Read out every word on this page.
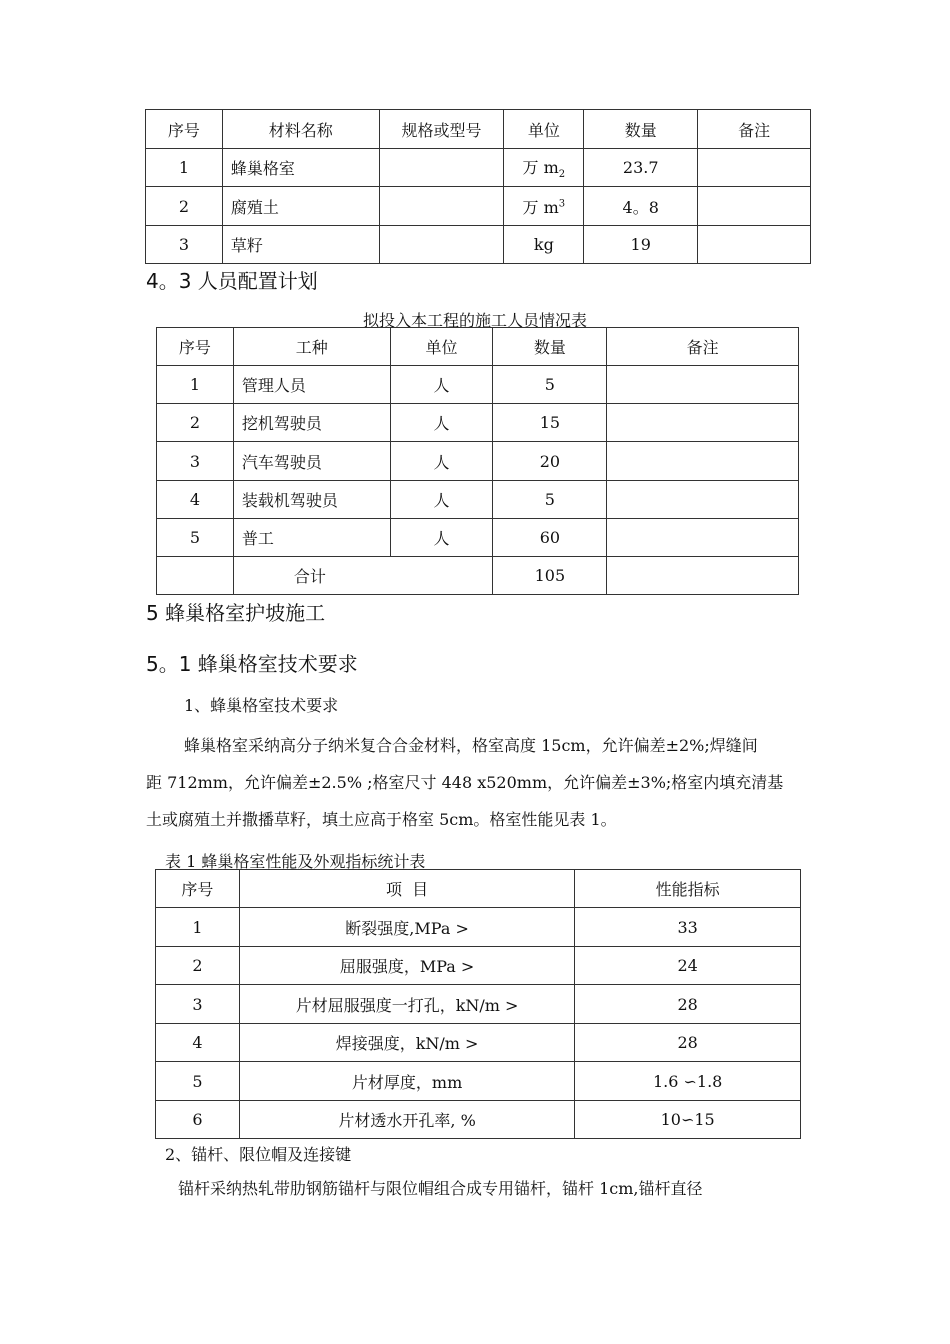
序号	材料名称	规格或型号	单位	数量	备注
1	蜂巢格室		万 $m_2$	23.7	
2	腐殖土		万 $m^3$	4。8	
3	草籽		kg	19	
4。3 人员配置计划
拟投入本工程的施工人员情况表
序号	工种	单位	数量	备注
1	管理人员	人	5	
2	挖机驾驶员	人	15	
3	汽车驾驶员	人	20	
4	装载机驾驶员	人	5	
5	普工	人	60	
	合计		105	
5 蜂巢格室护坡施工
5。1 蜂巢格室技术要求
1、蜂巢格室技术要求
蜂巢格室采纳高分子纳米复合合金材料，格室高度 15cm，允许偏差±2%;焊缝间
距 712mm，允许偏差±2.5% ;格室尺寸 448 x520mm，允许偏差±3%;格室内填充清基
土或腐殖土并撒播草籽，填土应高于格室 5cm。格室性能见表 1。
表 1 蜂巢格室性能及外观指标统计表
序号	项  目	性能指标
1	断裂强度,MPa >	33
2	屈服强度，MPa >	24
3	片材屈服强度一打孔，kN/m >	28
4	焊接强度，kN/m >	28
5	片材厚度，mm	1.6 ∽1.8
6	片材透水开孔率, %	10∽15
2、锚杆、限位帽及连接键
锚杆采纳热轧带肋钢筋锚杆与限位帽组合成专用锚杆，锚杆 1cm,锚杆直径
